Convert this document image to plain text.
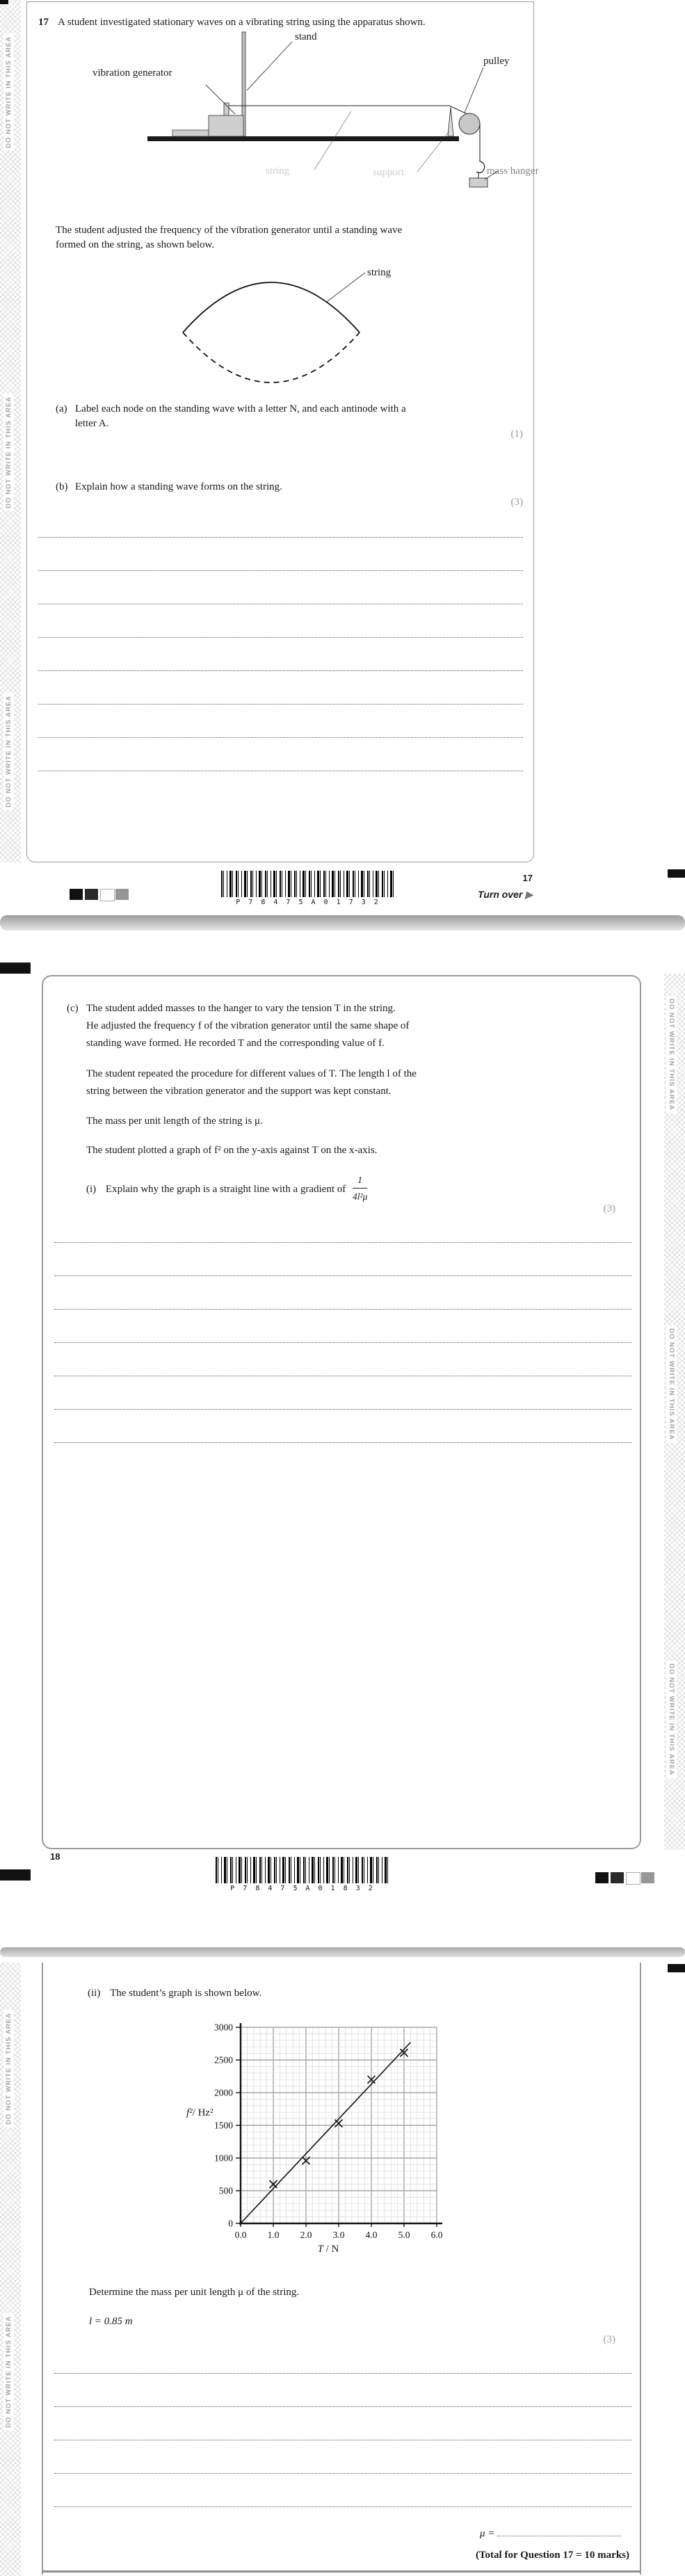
DO NOT WRITE IN THIS AREA
DO NOT WRITE IN THIS AREA
DO NOT WRITE IN THIS AREA
17 A student investigated stationary waves on a vibrating string using the apparatus shown.
vibration generator
stand
pulley
string	support	mass hanger
The student adjusted the frequency of the vibration generator until a standing wave
formed on the string, as shown below.
string
(a) Label each node on the standing wave with a letter N, and each antinode with a
letter A.
(1)
(b) Explain how a standing wave forms on the string.
(3)
P 7 8 4 7 5 A 0 1 7 3 2
17
Turn over ▶
DO NOT WRITE IN THIS AREA
DO NOT WRITE IN THIS AREA
DO NOT WRITE IN THIS AREA
(c) The student added masses to the hanger to vary the tension T in the string.
He adjusted the frequency f of the vibration generator until the same shape of
standing wave formed. He recorded T and the corresponding value of f.
The student repeated the procedure for different values of T. The length l of the
string between the vibration generator and the support was kept constant.
The mass per unit length of the string is μ.
The student plotted a graph of f² on the y-axis against T on the x-axis.
(i) Explain why the graph is a straight line with a gradient of $\frac{1}{\text{4l²μ}}$
(3)
18
P 7 8 4 7 5 A 0 1 8 3 2
DO NOT WRITE IN THIS AREA
DO NOT WRITE IN THIS AREA
(ii) The student’s graph is shown below.
0.0 1.0 2.0 3.0 4.0 5.0 6.0
0
500
1000
1500
2000
2500
3000
f²/ Hz²
T / N
Determine the mass per unit length μ of the string.
l = 0.85 m
(3)
μ =
(Total for Question 17 = 10 marks)
